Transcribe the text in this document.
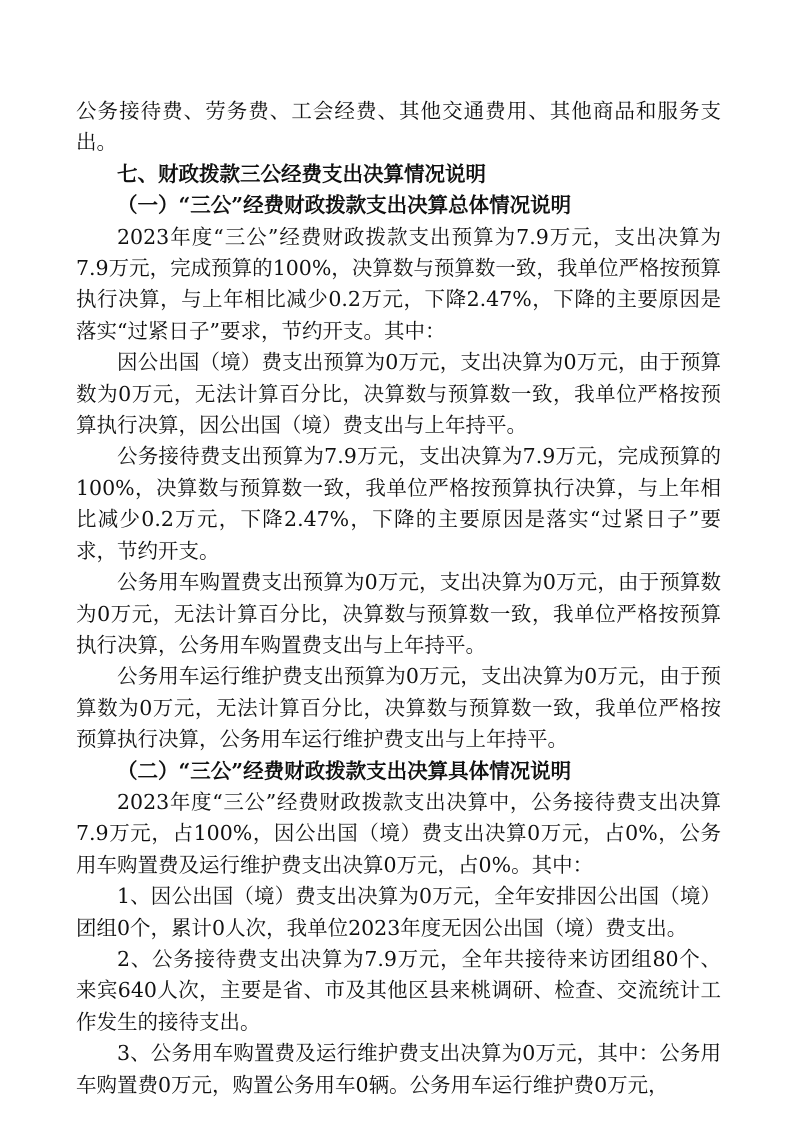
公务接待费、劳务费、工会经费、其他交通费用、其他商品和服务支出。

七、财政拨款三公经费支出决算情况说明

（一）“三公”经费财政拨款支出决算总体情况说明

2023年度“三公”经费财政拨款支出预算为7.9万元，支出决算为7.9万元，完成预算的100%，决算数与预算数一致，我单位严格按预算执行决算，与上年相比减少0.2万元，下降2.47%，下降的主要原因是落实“过紧日子”要求，节约开支。其中：

因公出国（境）费支出预算为0万元，支出决算为0万元，由于预算数为0万元，无法计算百分比，决算数与预算数一致，我单位严格按预算执行决算，因公出国（境）费支出与上年持平。

公务接待费支出预算为7.9万元，支出决算为7.9万元，完成预算的100%，决算数与预算数一致，我单位严格按预算执行决算，与上年相比减少0.2万元，下降2.47%，下降的主要原因是落实“过紧日子”要求，节约开支。

公务用车购置费支出预算为0万元，支出决算为0万元，由于预算数为0万元，无法计算百分比，决算数与预算数一致，我单位严格按预算执行决算，公务用车购置费支出与上年持平。

公务用车运行维护费支出预算为0万元，支出决算为0万元，由于预算数为0万元，无法计算百分比，决算数与预算数一致，我单位严格按预算执行决算，公务用车运行维护费支出与上年持平。

（二）“三公”经费财政拨款支出决算具体情况说明

2023年度“三公”经费财政拨款支出决算中，公务接待费支出决算7.9万元，占100%，因公出国（境）费支出决算0万元，占0%，公务用车购置费及运行维护费支出决算0万元，占0%。其中：

1、因公出国（境）费支出决算为0万元，全年安排因公出国（境）团组0个，累计0人次，我单位2023年度无因公出国（境）费支出。

2、公务接待费支出决算为7.9万元，全年共接待来访团组80个、来宾640人次，主要是省、市及其他区县来桃调研、检查、交流统计工作发生的接待支出。

3、公务用车购置费及运行维护费支出决算为0万元，其中：公务用车购置费0万元，购置公务用车0辆。公务用车运行维护费0万元，
